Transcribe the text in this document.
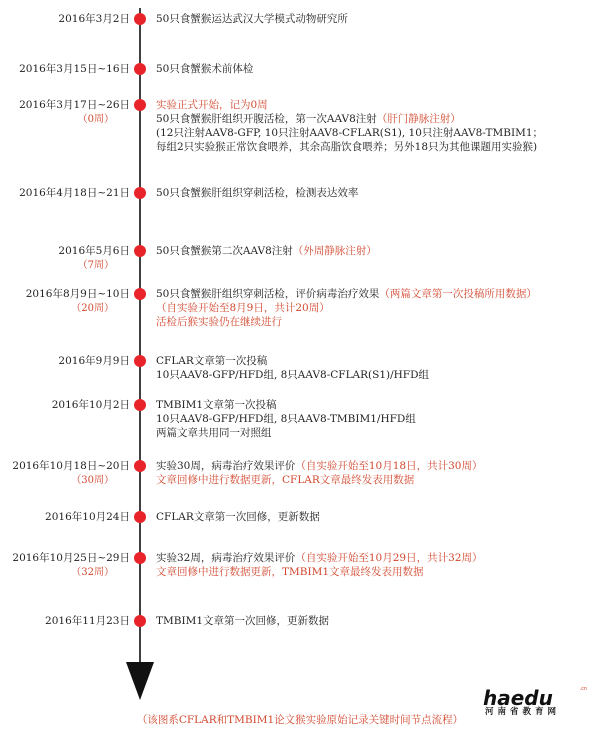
2016年3月2日 50只食蟹猴运达武汉大学模式动物研究所
2016年3月15日~16日 50只食蟹猴术前体检
2016年3月17日~26日
（0周）
实验正式开始，记为0周
50只食蟹猴肝组织开腹活检，第一次AAV8注射（肝门静脉注射）
(12只注射AAV8-GFP, 10只注射AAV8-CFLAR(S1), 10只注射AAV8-TMBIM1；
每组2只实验猴正常饮食喂养，其余高脂饮食喂养；另外18只为其他课题用实验猴)
2016年4月18日~21日 50只食蟹猴肝组织穿刺活检，检测表达效率
2016年5月6日
（7周）
50只食蟹猴第二次AAV8注射（外周静脉注射）
2016年8月9日~10日
（20周）
50只食蟹猴肝组织穿刺活检，评价病毒治疗效果（两篇文章第一次投稿所用数据）
（自实验开始至8月9日，共计20周）
活检后猴实验仍在继续进行
2016年9月9日 CFLAR文章第一次投稿
10只AAV8-GFP/HFD组, 8只AAV8-CFLAR(S1)/HFD组
2016年10月2日 TMBIM1文章第一次投稿
10只AAV8-GFP/HFD组, 8只AAV8-TMBIM1/HFD组
两篇文章共用同一对照组
2016年10月18日~20日
（30周）
实验30周，病毒治疗效果评价（自实验开始至10月18日，共计30周）
文章回修中进行数据更新，CFLAR文章最终发表用数据
2016年10月24日 CFLAR文章第一次回修，更新数据
2016年10月25日~29日
（32周）
实验32周，病毒治疗效果评价（自实验开始至10月29日，共计32周）
文章回修中进行数据更新，TMBIM1文章最终发表用数据
2016年11月23日 TMBIM1文章第一次回修，更新数据
haedu	.cn
河南省教育网
（该图系CFLAR和TMBIM1论文猴实验原始记录关键时间节点流程）
